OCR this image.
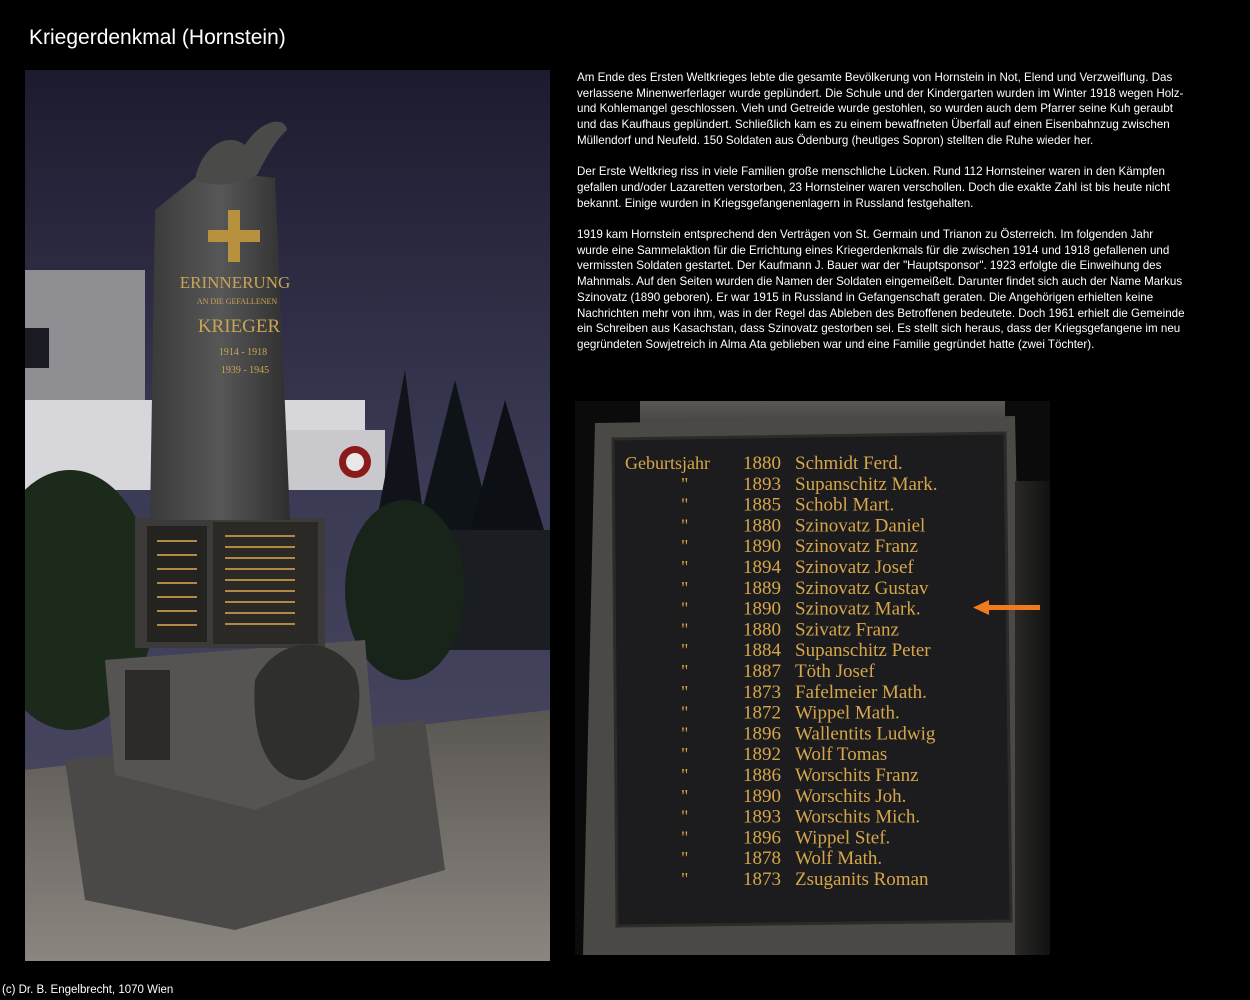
Kriegerdenkmal (Hornstein)
ERINNERUNG
AN DIE GEFALLENEN
KRIEGER
1914 - 1918
1939 - 1945

Am Ende des Ersten Weltkrieges lebte die gesamte Bevölkerung von Hornstein in Not, Elend und Verzweiflung. Das verlassene Minenwerferlager wurde geplündert. Die Schule und der Kindergarten wurden im Winter 1918 wegen Holz- und Kohlemangel geschlossen. Vieh und Getreide wurde gestohlen, so wurden auch dem Pfarrer seine Kuh geraubt und das Kaufhaus geplündert. Schließlich kam es zu einem bewaffneten Überfall auf einen Eisenbahnzug zwischen Müllendorf und Neufeld. 150 Soldaten aus Ödenburg (heutiges Sopron) stellten die Ruhe wieder her.

Der Erste Weltkrieg riss in viele Familien große menschliche Lücken. Rund 112 Hornsteiner waren in den Kämpfen gefallen und/oder Lazaretten verstorben, 23 Hornsteiner waren verschollen. Doch die exakte Zahl ist bis heute nicht bekannt. Einige wurden in Kriegsgefangenenlagern in Russland festgehalten.

1919 kam Hornstein entsprechend den Verträgen von St. Germain und Trianon zu Österreich. Im folgenden Jahr wurde eine Sammelaktion für die Errichtung eines Kriegerdenkmals für die zwischen 1914 und 1918 gefallenen und vermissten Soldaten gestartet. Der Kaufmann J. Bauer war der "Hauptsponsor". 1923 erfolgte die Einweihung des Mahnmals. Auf den Seiten wurden die Namen der Soldaten eingemeißelt. Darunter findet sich auch der Name Markus Szinovatz (1890 geboren). Er war 1915 in Russland in Gefangenschaft geraten. Die Angehörigen erhielten keine Nachrichten mehr von ihm, was in der Regel das Ableben des Betroffenen bedeutete. Doch 1961 erhielt die Gemeinde ein Schreiben aus Kasachstan, dass Szinovatz gestorben sei. Es stellt sich heraus, dass der Kriegsgefangene im neu gegründeten Sowjetreich in Alma Ata geblieben war und eine Familie gegründet hatte (zwei Töchter).

Geburtsjahr 1880 Schmidt Ferd.
"	1893 Supanschitz Mark.
"	1885 Schobl Mart.
"	1880 Szinovatz Daniel
"	1890 Szinovatz Franz
"	1894 Szinovatz Josef
"	1889 Szinovatz Gustav
"	1890 Szinovatz Mark.
"	1880 Szivatz Franz
"	1884 Supanschitz Peter
"	1887 Töth Josef
"	1873 Fafelmeier Math.
"	1872 Wippel Math.
"	1896 Wallentits Ludwig
"	1892 Wolf Tomas
"	1886 Worschits Franz
"	1890 Worschits Joh.
"	1893 Worschits Mich.
"	1896 Wippel Stef.
"	1878 Wolf Math.
"	1873 Zsuganits Roman
(c) Dr. B. Engelbrecht, 1070 Wien
